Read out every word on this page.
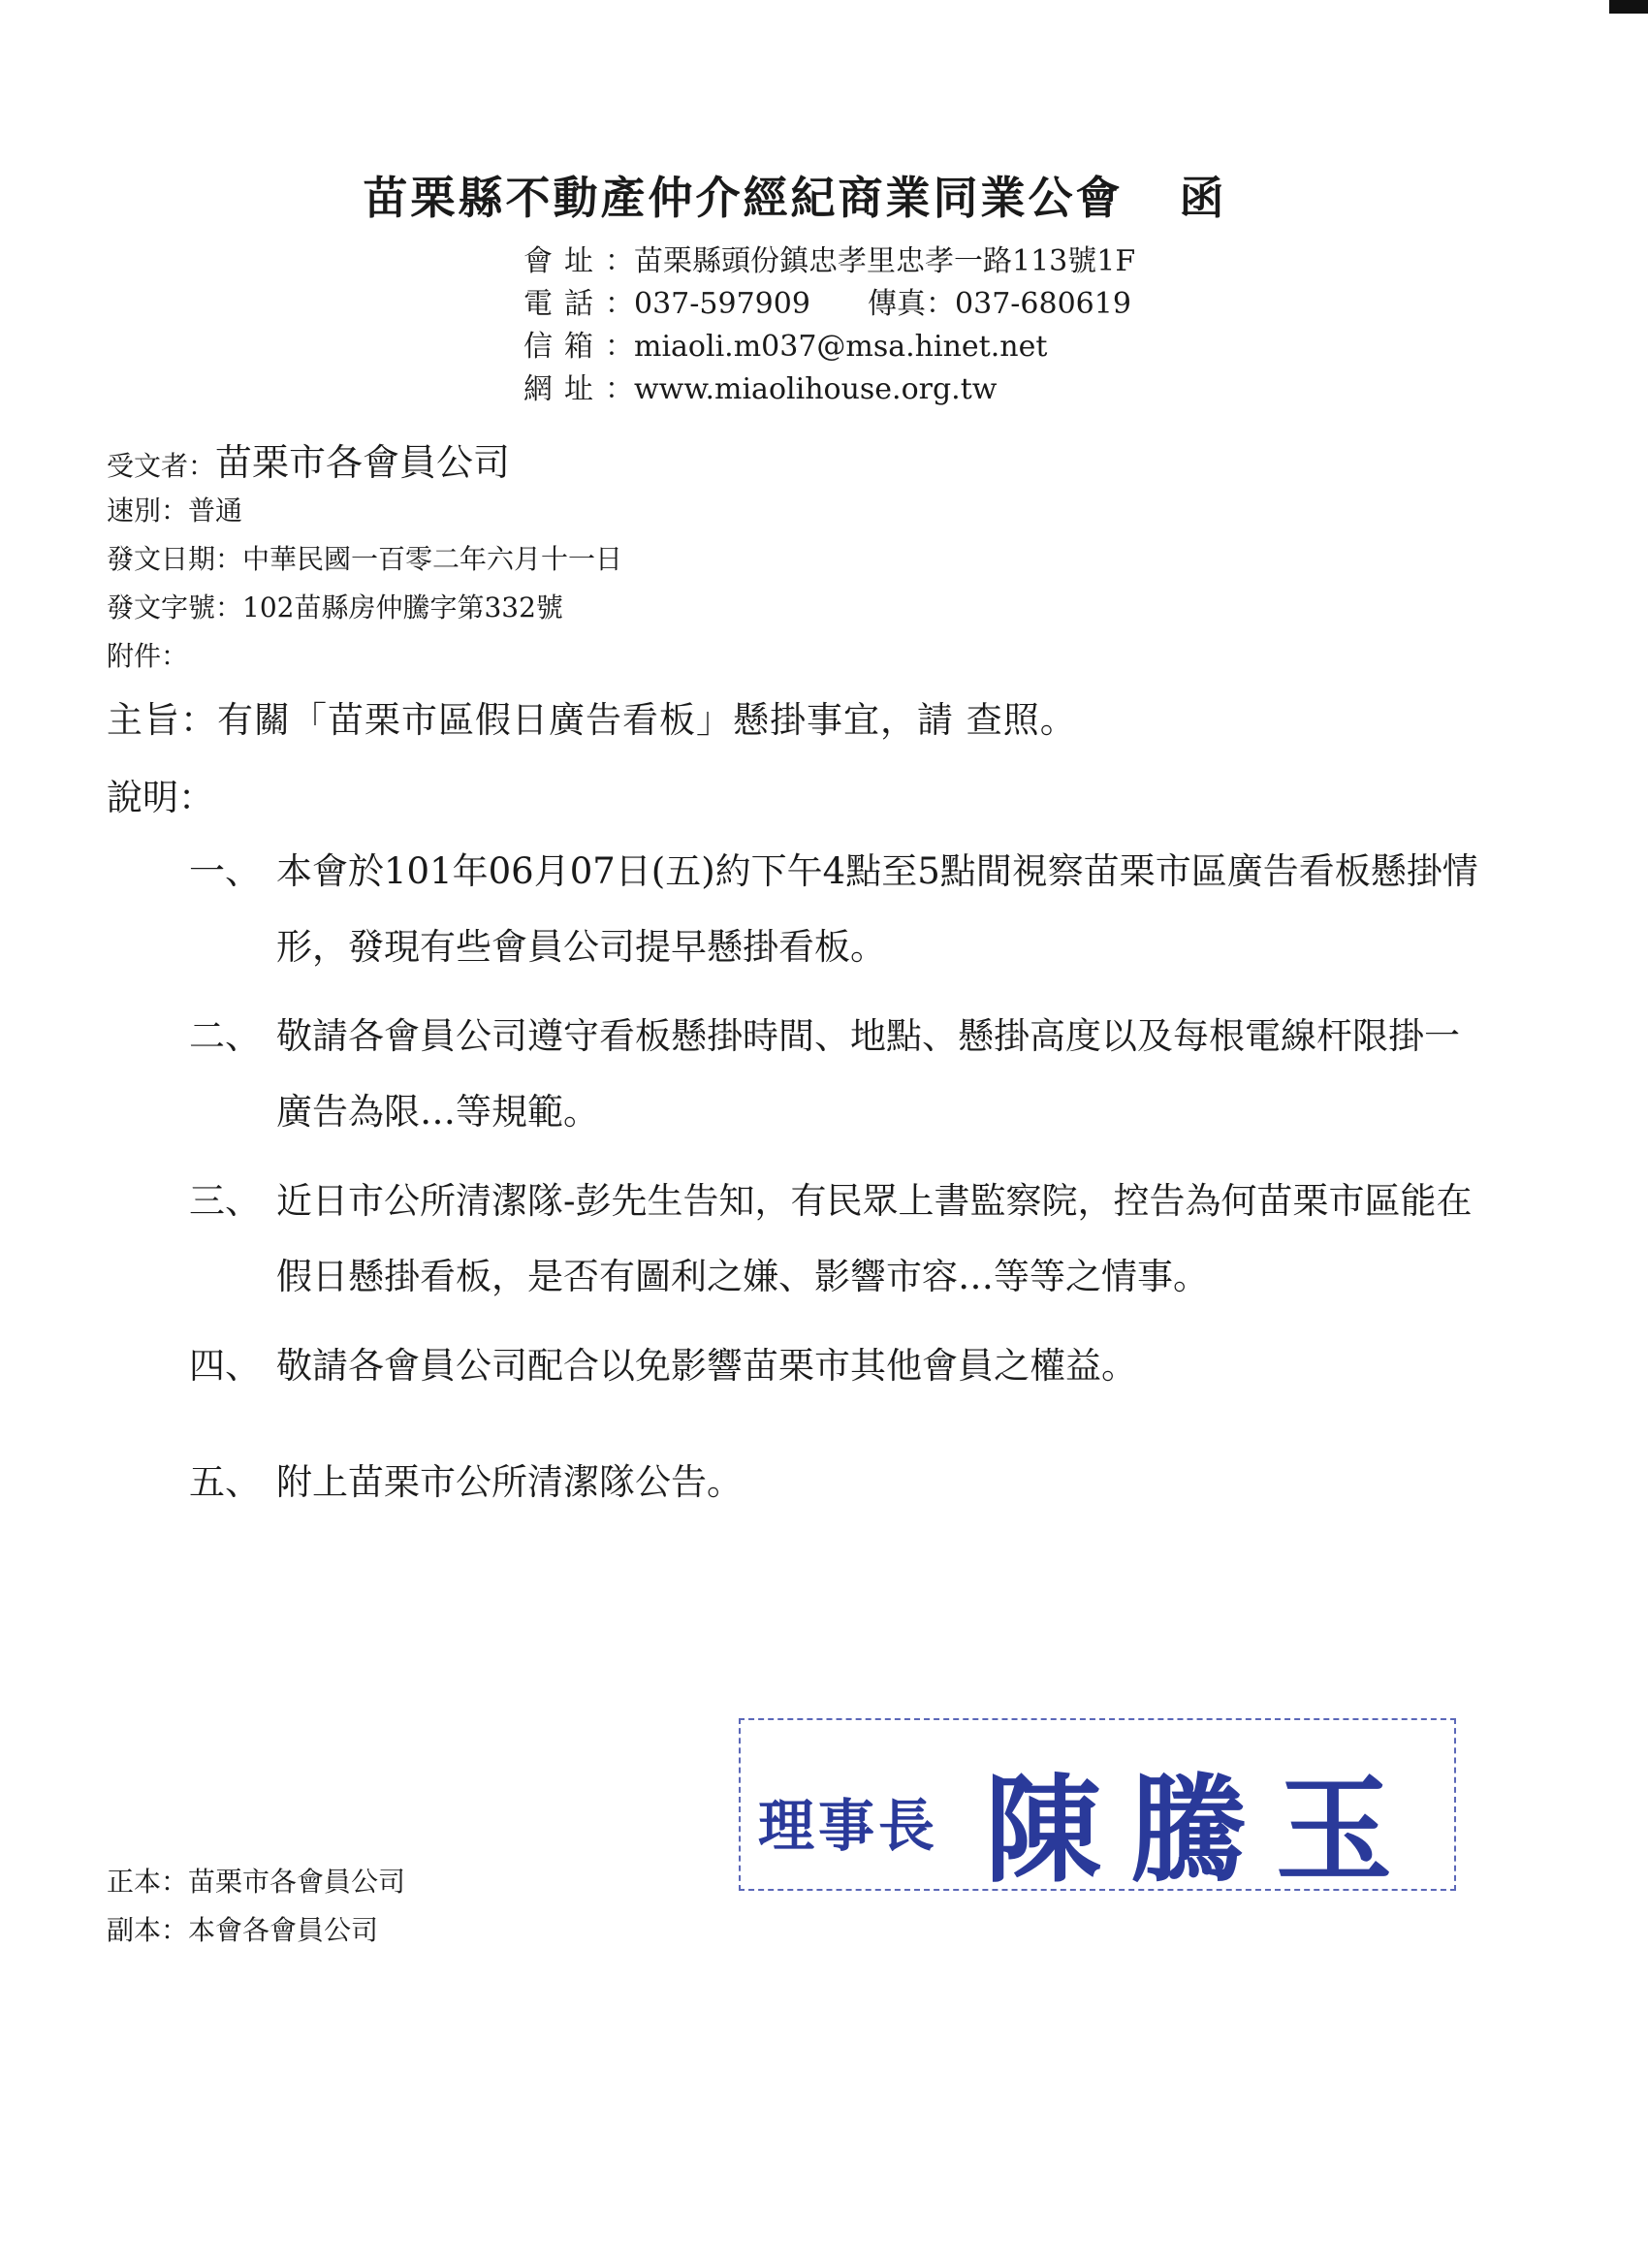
苗栗縣不動產仲介經紀商業同業公會 函
會址：苗栗縣頭份鎮忠孝里忠孝一路113號1F
電話：037-597909 傳真：037-680619
信箱：miaoli.m037@msa.hinet.net
網址：www.miaolihouse.org.tw
受文者：苗栗市各會員公司
速別：普通
發文日期：中華民國一百零二年六月十一日
發文字號：102苗縣房仲騰字第332號
附件：
主旨：有關「苗栗市區假日廣告看板」懸掛事宜，請 查照。
說明：
一、 本會於101年06月07日(五)約下午4點至5點間視察苗栗市區廣告看板懸掛情形，發現有些會員公司提早懸掛看板。
二、 敬請各會員公司遵守看板懸掛時間、地點、懸掛高度以及每根電線杆限掛一廣告為限…等規範。
三、 近日市公所清潔隊-彭先生告知，有民眾上書監察院，控告為何苗栗市區能在假日懸掛看板，是否有圖利之嫌、影響市容…等等之情事。
四、 敬請各會員公司配合以免影響苗栗市其他會員之權益。
五、 附上苗栗市公所清潔隊公告。
理事長 陳騰玉
正本：苗栗市各會員公司
副本：本會各會員公司
